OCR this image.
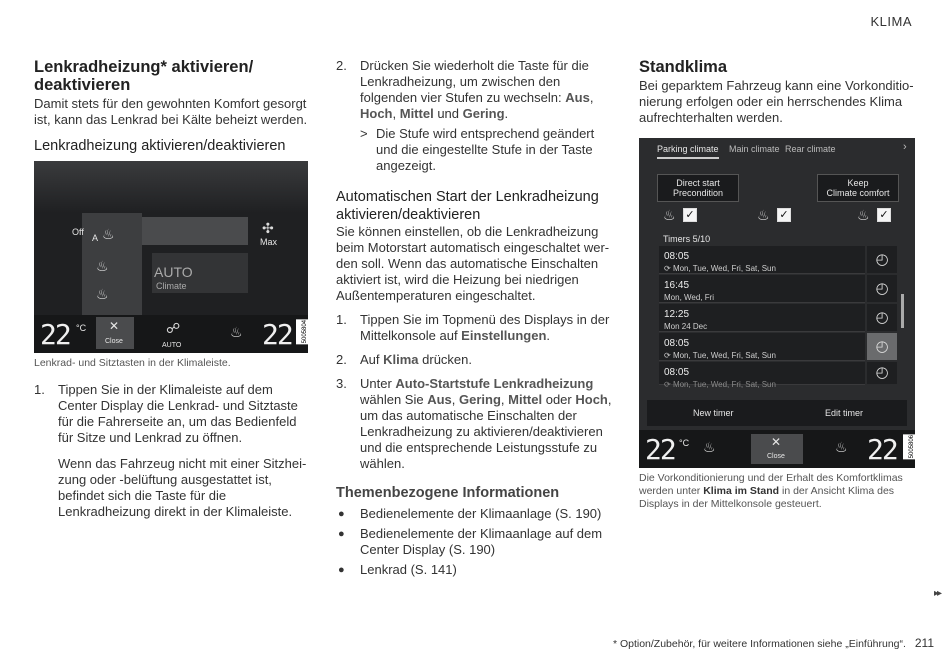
KLIMA
Lenkradheizung* aktivieren/ deaktivieren

Damit stets für den gewohnten Komfort gesorgt ist, kann das Lenkrad bei Kälte beheizt werden.

Lenkradheizung aktivieren/deaktivieren
Off
A ♨
♨
♨
✣
Max
AUTO
Climate
22 °C ✕
Close
☍
AUTO
♨ 22	5005804
Lenkrad- und Sitztasten in der Klimaleiste.
1. Tippen Sie in der Klimaleiste auf dem Center Display die Lenkrad- und Sitztaste für die Fahrerseite an, um das Bedienfeld für Sitze und Lenkrad zu öffnen.

Wenn das Fahrzeug nicht mit einer Sitzheizung oder -belüftung ausgestattet ist, befindet sich die Taste für die Lenkradheizung direkt in der Klimaleiste.

2. Drücken Sie wiederholt die Taste für die Lenkradheizung, um zwischen den folgenden vier Stufen zu wechseln: Aus, Hoch, Mittel und Gering.
> Die Stufe wird entsprechend geändert und die eingestellte Stufe in der Taste angezeigt.
Automatischen Start der Lenkradheizung aktivieren/deaktivieren

Sie können einstellen, ob die Lenkradheizung beim Motorstart automatisch eingeschaltet werden soll. Wenn das automatische Einschalten aktiviert ist, wird die Heizung bei niedrigen Außentemperaturen eingeschaltet.

1. Tippen Sie im Topmenü des Displays in der Mittelkonsole auf Einstellungen.
2. Auf Klima drücken.
3. Unter Auto-Startstufe Lenkradheizung wählen Sie Aus, Gering, Mittel oder Hoch, um das automatische Einschalten der Lenkradheizung zu aktivieren/deaktivieren und die entsprechende Leistungsstufe zu wählen.
Themenbezogene Informationen
● Bedienelemente der Klimaanlage (S. 190)
● Bedienelemente der Klimaanlage auf dem Center Display (S. 190)
● Lenkrad (S. 141)
Standklima

Bei geparktem Fahrzeug kann eine Vorkonditionierung erfolgen oder ein herrschendes Klima aufrechterhalten werden.

Parking climate Main climate Rear climate	›
Direct start
Precondition
Keep
Climate comfort
♨ ✓	♨ ✓	♨ ✓
Timers 5/10
08:05
⟳ Mon, Tue, Wed, Fri, Sat, Sun
◴
16:45
Mon, Wed, Fri
◴
12:25
Mon 24 Dec
◴
08:05
⟳ Mon, Tue, Wed, Fri, Sat, Sun
◴
08:05
⟳ Mon, Tue, Wed, Fri, Sat, Sun
◴
New timer	Edit timer
22 °C ♨	✕
Close
♨ 22	5005806

Die Vorkonditionierung und der Erhalt des Komfortklimas werden unter Klima im Stand in der Ansicht Klima des Displays in der Mittelkonsole gesteuert.

▸▸
* Option/Zubehör, für weitere Informationen siehe „Einführung“. 211
